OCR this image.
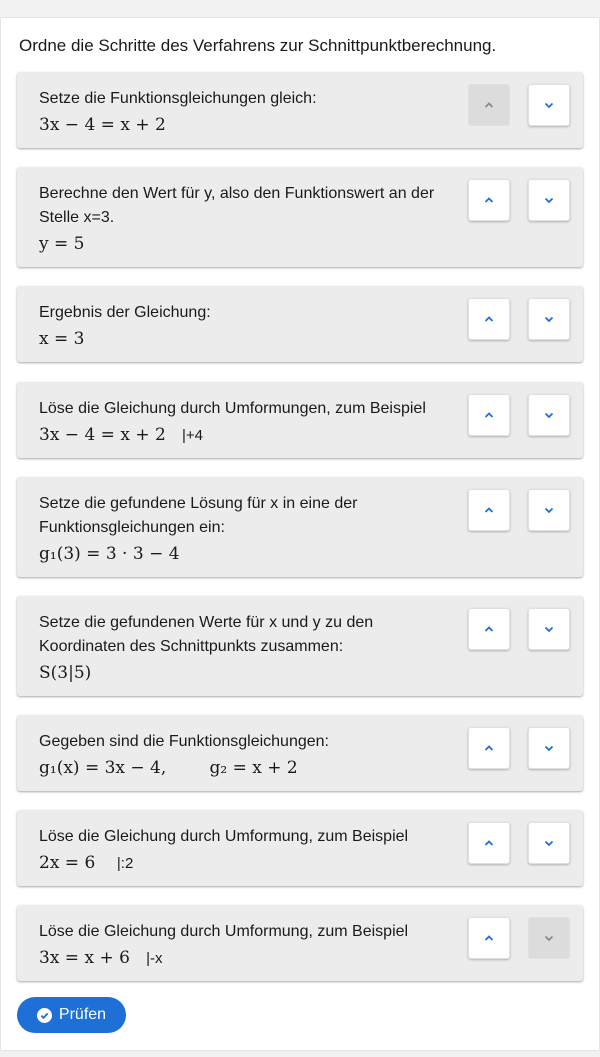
Ordne die Schritte des Verfahrens zur Schnittpunktberechnung.

Setze die Funktionsgleichungen gleich:
3x − 4 = x + 2
Berechne den Wert für y, also den Funktionswert an der Stelle x=3.
y = 5
Ergebnis der Gleichung:
x = 3
Löse die Gleichung durch Umformungen, zum Beispiel
3x − 4 = x + 2 |+4
Setze die gefundene Lösung für x in eine der Funktionsgleichungen ein:
g₁(3) = 3 · 3 − 4
Setze die gefundenen Werte für x und y zu den Koordinaten des Schnittpunkts zusammen:
S(3|5)
Gegeben sind die Funktionsgleichungen:
g₁(x) = 3x − 4,        g₂ = x + 2
Löse die Gleichung durch Umformung, zum Beispiel
2x = 6 |:2
Löse die Gleichung durch Umformung, zum Beispiel
3x = x + 6 |-x
Prüfen
